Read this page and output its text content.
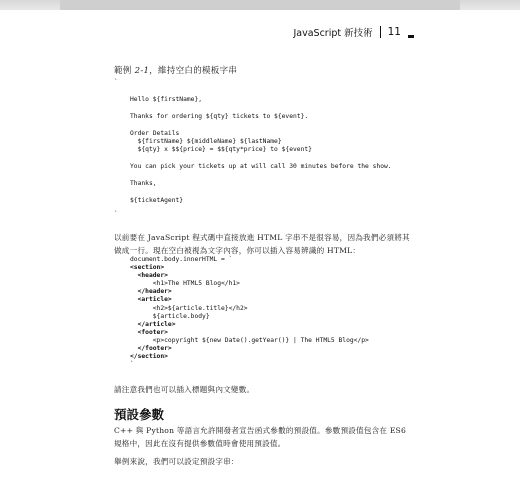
JavaScript 新技術 11
範例 2-1，維持空白的模板字串
`
Hello ${firstName},

Thanks for ordering ${qty} tickets to ${event}.

Order Details
${firstName} ${middleName} ${lastName}
${qty} x $${price} = $${qty*price} to ${event}

You can pick your tickets up at will call 30 minutes before the show.

Thanks,

${ticketAgent}
`
以前要在 JavaScript 程式碼中直接放進 HTML 字串不是很容易，因為我們必須將其做成一行。現在空白被視為文字內容，你可以插入容易辨識的 HTML：
document.body.innerHTML = `
<section>
<header>
<h1>The HTML5 Blog</h1>
</header>
<article>
<h2>${article.title}</h2>
${article.body}
</article>
<footer>
<p>copyright ${new Date().getYear()} | The HTML5 Blog</p>
</footer>
</section>
`
請注意我們也可以插入標題與內文變數。
預設參數
C++ 與 Python 等語言允許開發者宣告函式參數的預設值。參數預設值包含在 ES6 規格中，因此在沒有提供參數值時會使用預設值。
舉例來說，我們可以設定預設字串：
